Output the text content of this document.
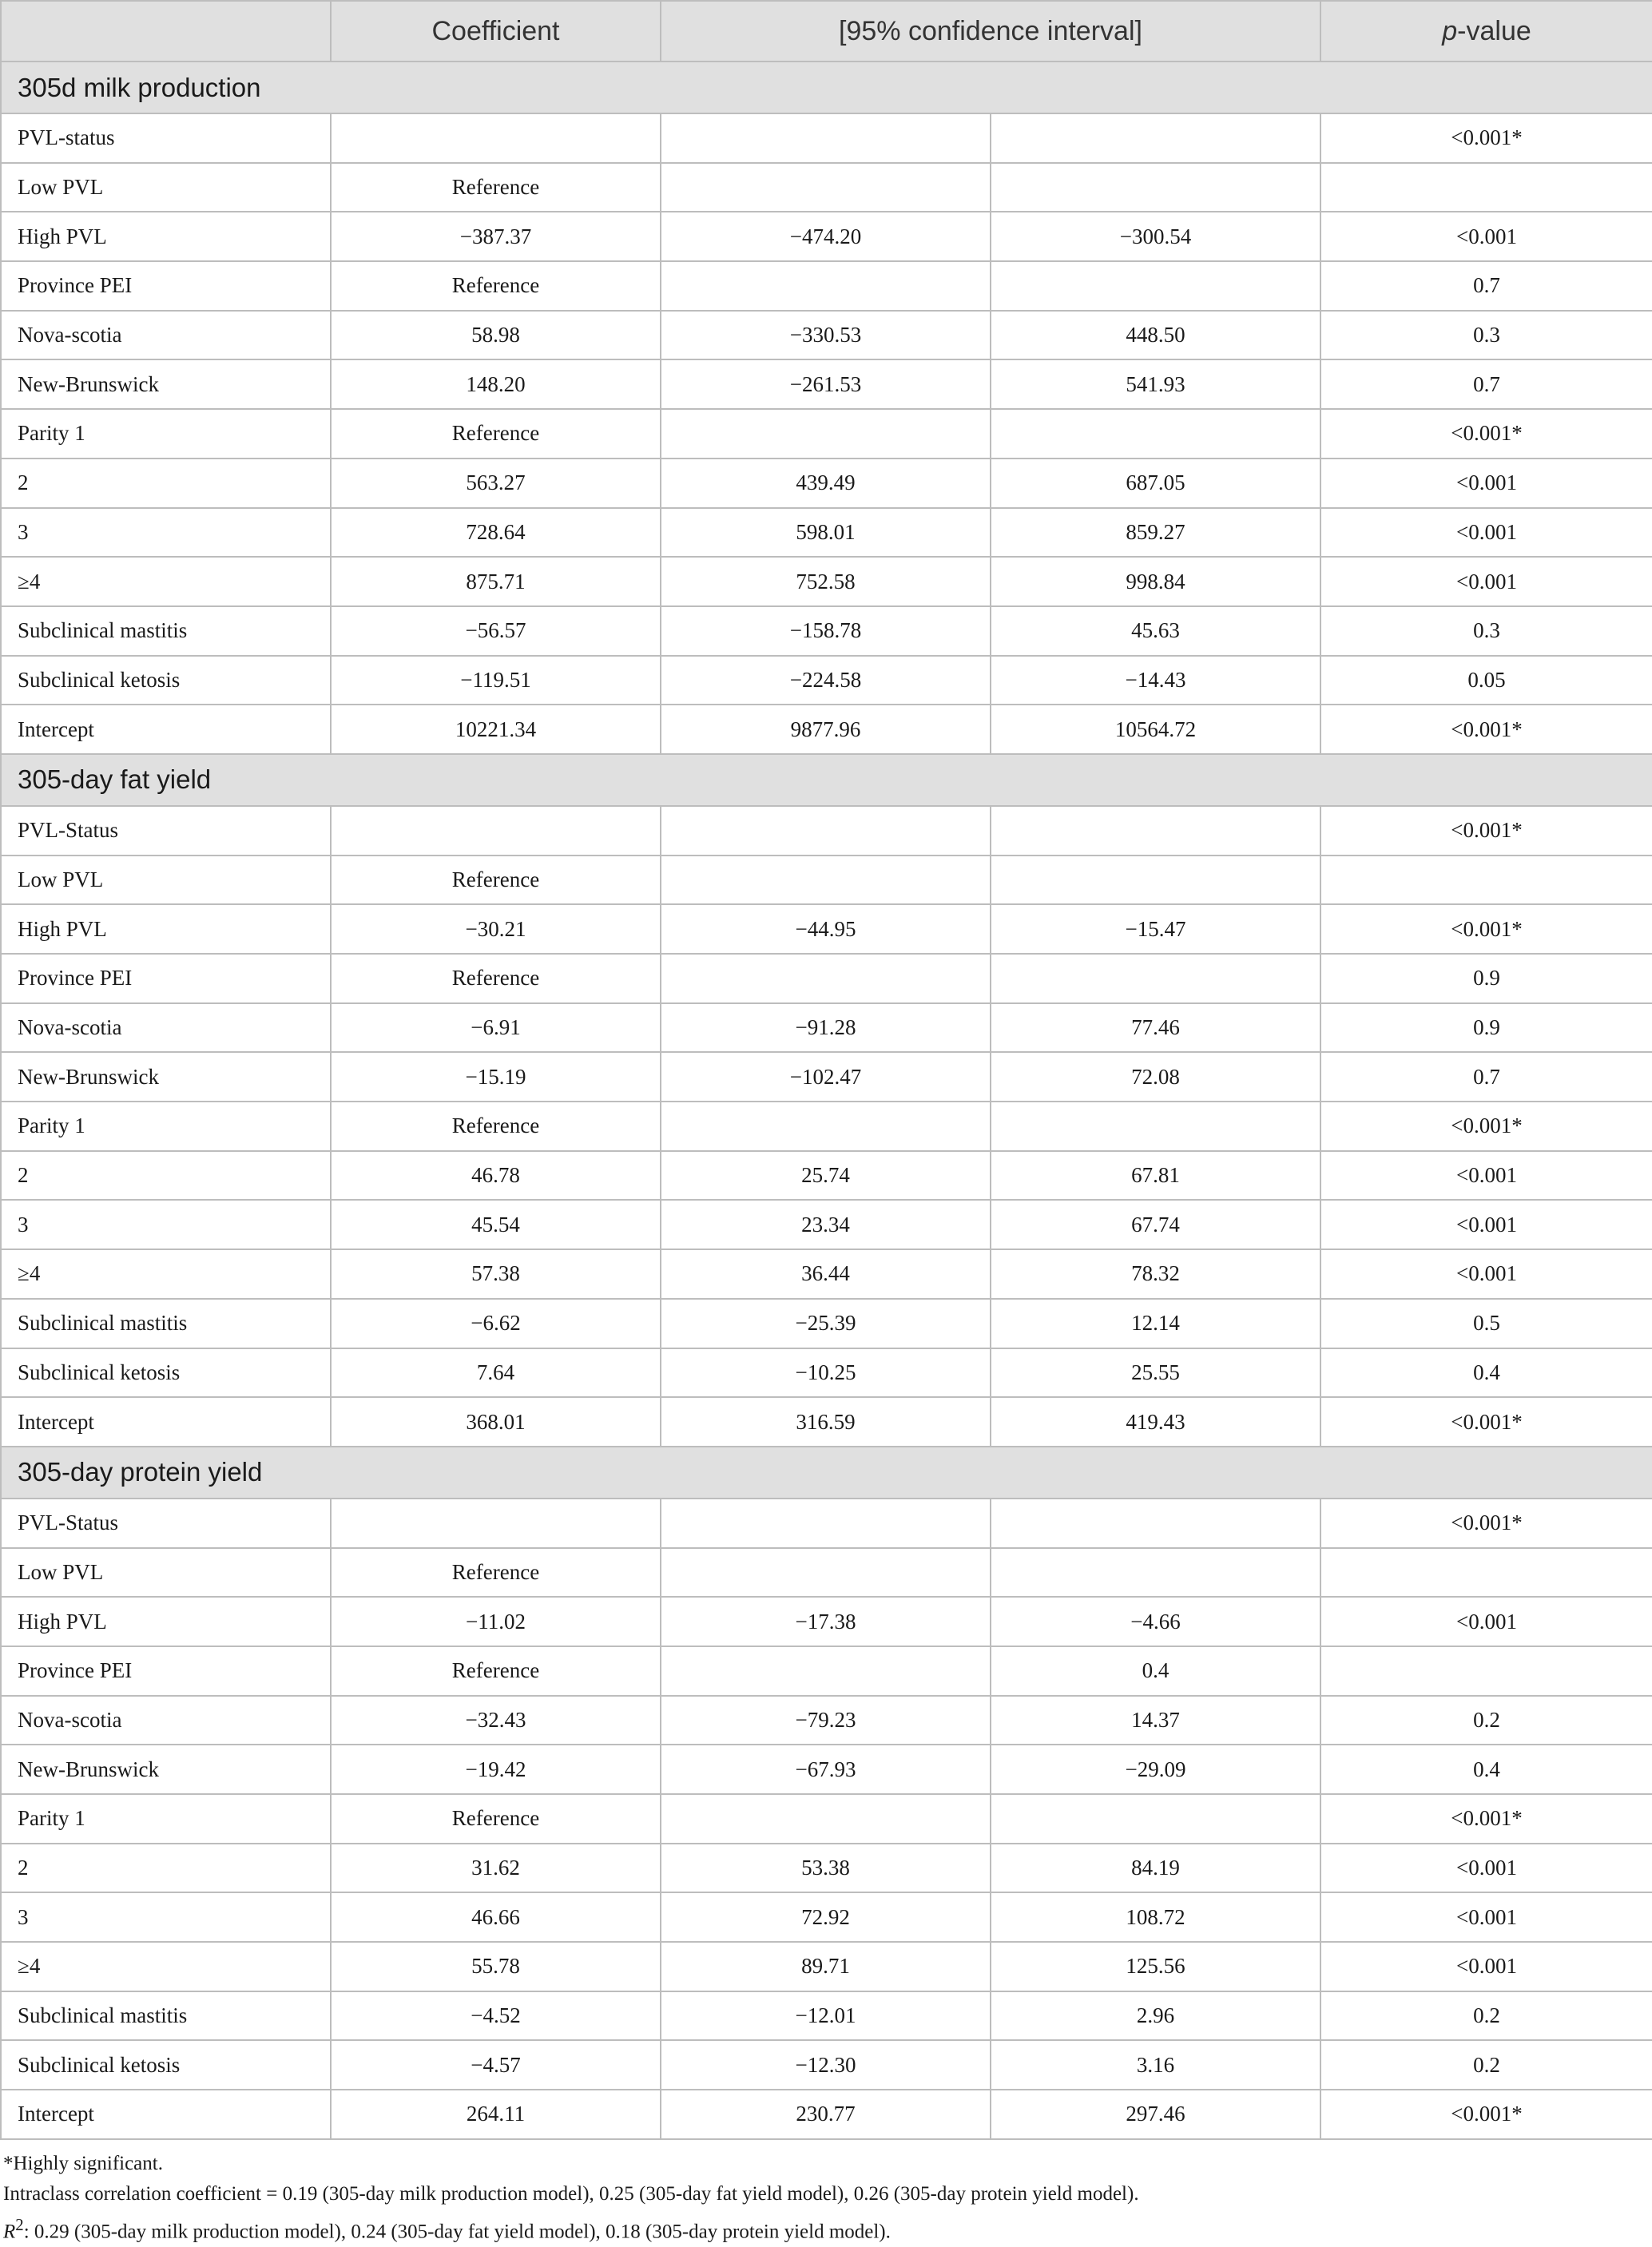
	Coefficient	[95% confidence interval]		p-value
305d milk production				
PVL-status				<0.001*
Low PVL	Reference			
High PVL	−387.37	−474.20	−300.54	<0.001
Province PEI	Reference			0.7
Nova-scotia	58.98	−330.53	448.50	0.3
New-Brunswick	148.20	−261.53	541.93	0.7
Parity 1	Reference			<0.001*
2	563.27	439.49	687.05	<0.001
3	728.64	598.01	859.27	<0.001
≥4	875.71	752.58	998.84	<0.001
Subclinical mastitis	−56.57	−158.78	45.63	0.3
Subclinical ketosis	−119.51	−224.58	−14.43	0.05
Intercept	10221.34	9877.96	10564.72	<0.001*
305-day fat yield				
PVL-Status				<0.001*
Low PVL	Reference			
High PVL	−30.21	−44.95	−15.47	<0.001*
Province PEI	Reference			0.9
Nova-scotia	−6.91	−91.28	77.46	0.9
New-Brunswick	−15.19	−102.47	72.08	0.7
Parity 1	Reference			<0.001*
2	46.78	25.74	67.81	<0.001
3	45.54	23.34	67.74	<0.001
≥4	57.38	36.44	78.32	<0.001
Subclinical mastitis	−6.62	−25.39	12.14	0.5
Subclinical ketosis	7.64	−10.25	25.55	0.4
Intercept	368.01	316.59	419.43	<0.001*
305-day protein yield				
PVL-Status				<0.001*
Low PVL	Reference			
High PVL	−11.02	−17.38	−4.66	<0.001
Province PEI	Reference		0.4	
Nova-scotia	−32.43	−79.23	14.37	0.2
New-Brunswick	−19.42	−67.93	−29.09	0.4
Parity 1	Reference			<0.001*
2	31.62	53.38	84.19	<0.001
3	46.66	72.92	108.72	<0.001
≥4	55.78	89.71	125.56	<0.001
Subclinical mastitis	−4.52	−12.01	2.96	0.2
Subclinical ketosis	−4.57	−12.30	3.16	0.2
Intercept	264.11	230.77	297.46	<0.001*
*Highly significant.
Intraclass correlation coefficient = 0.19 (305-day milk production model), 0.25 (305-day fat yield model), 0.26 (305-day protein yield model).
$R^2$: 0.29 (305-day milk production model), 0.24 (305-day fat yield model), 0.18 (305-day protein yield model).
